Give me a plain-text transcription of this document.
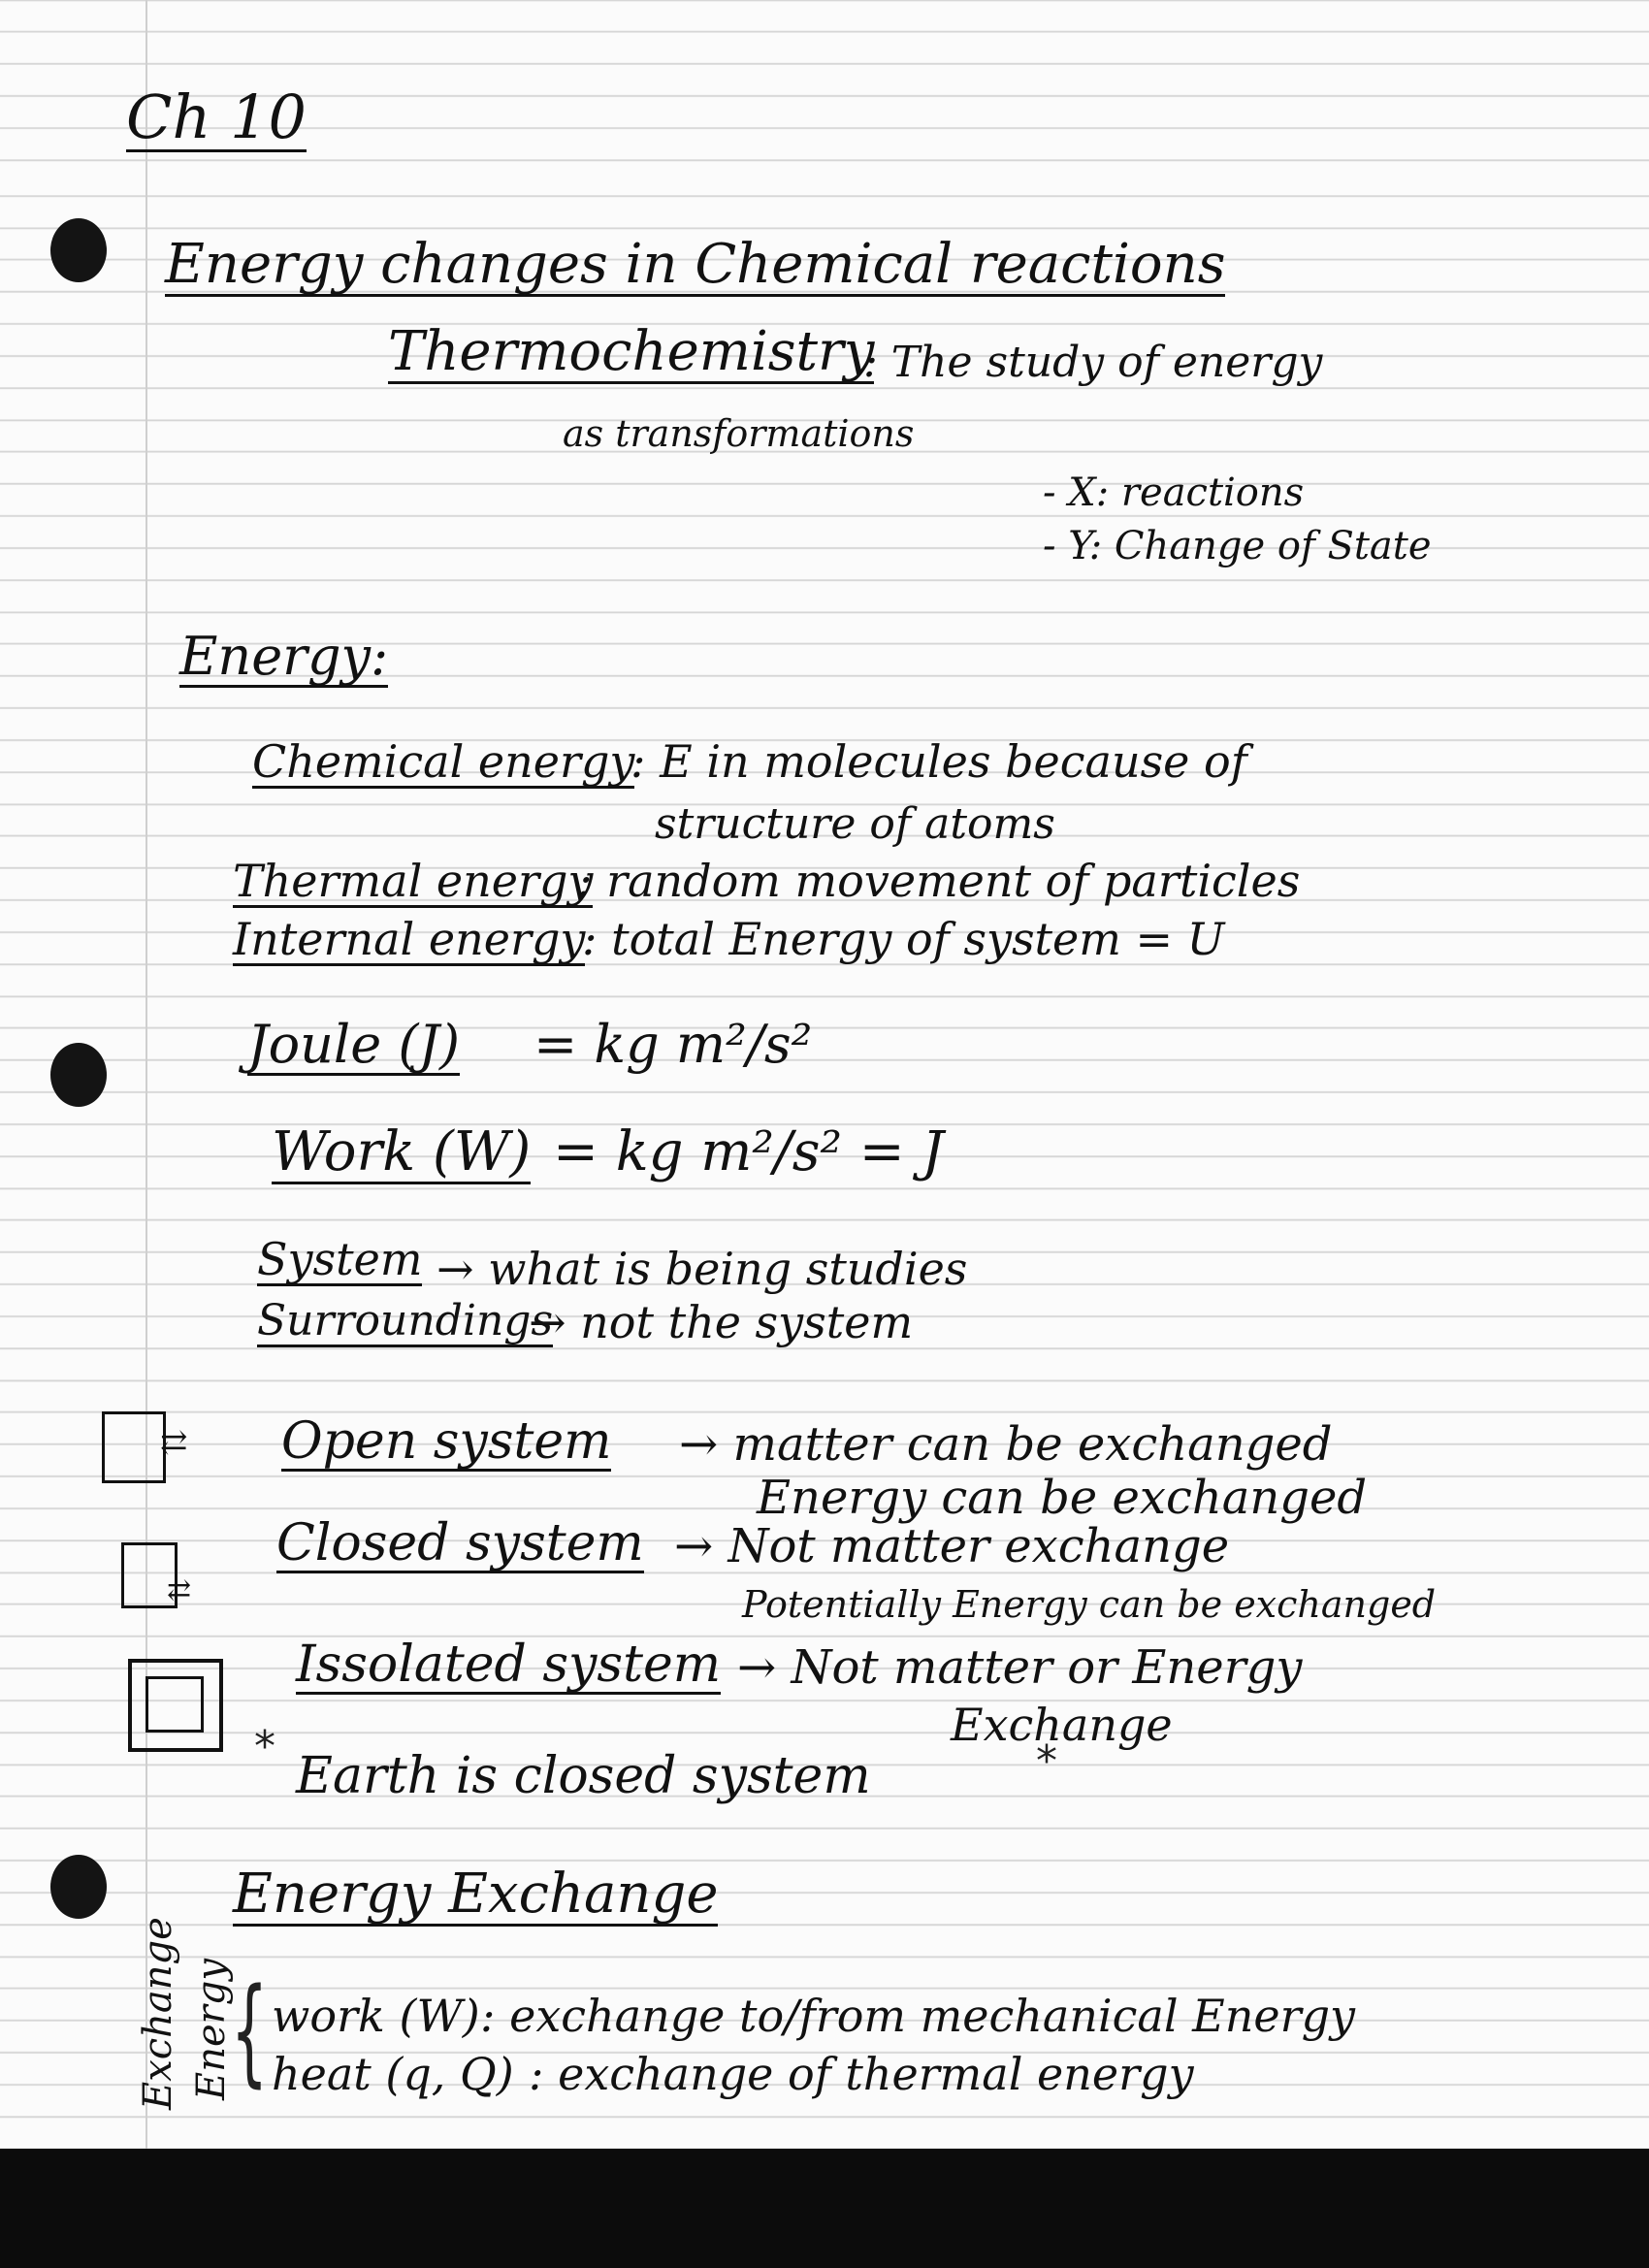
Ch 10
Energy changes in Chemical reactions
Thermochemistry
: The study of energy
as transformations
- X: reactions
- Y: Change of State
Energy:
Chemical energy
: E in molecules because of
structure of atoms
Thermal energy
: random movement of particles
Internal energy
: total Energy of system = U
Joule (J) = kg m²/s²
Work (W) = kg m²/s² = J
System → what is being studies
Surroundings
→ not the system
⇄ Open system → matter can be exchanged
Energy can be exchanged
⇄
Closed system → Not matter exchange
Potentially Energy can be exchanged
Issolated system → Not matter or Energy
Exchange
*
Earth is closed system	*
Energy Exchange
Exchange Energy
{ work (W) : exchange to/from mechanical Energy
heat (q, Q) : exchange of thermal energy
